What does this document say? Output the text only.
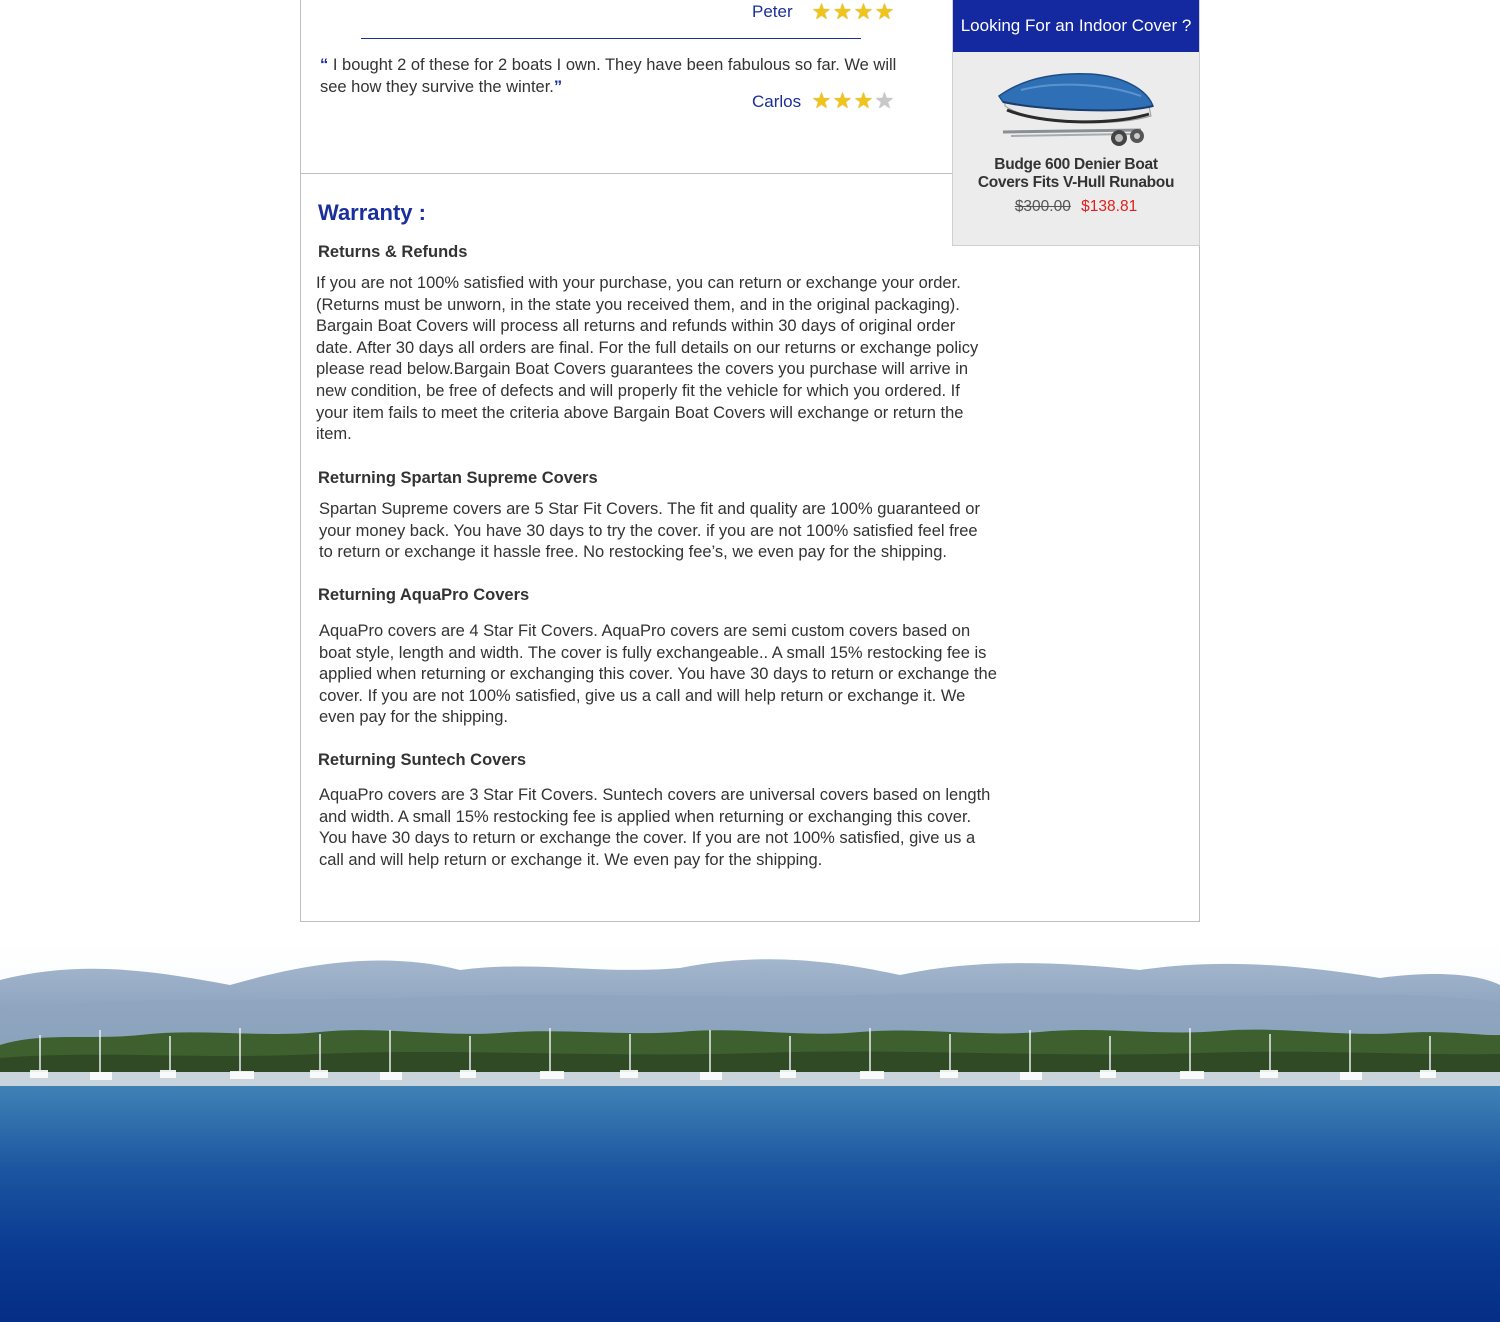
Peter ★ ★ ★ ★
“ I bought 2 of these for 2 boats I own. They have been fabulous so far. We will see how they survive the winter.”
Carlos ★ ★ ★ ★
Warranty :
Returns & Refunds
If you are not 100% satisfied with your purchase, you can return or exchange your order. (Returns must be unworn, in the state you received them, and in the original packaging). Bargain Boat Covers will process all returns and refunds within 30 days of original order date. After 30 days all orders are final. For the full details on our returns or exchange policy please read below.Bargain Boat Covers guarantees the covers you purchase will arrive in new condition, be free of defects and will properly fit the vehicle for which you ordered. If your item fails to meet the criteria above Bargain Boat Covers will exchange or return the item.
Returning Spartan Supreme Covers
Spartan Supreme covers are 5 Star Fit Covers. The fit and quality are 100% guaranteed or your money back. You have 30 days to try the cover. if you are not 100% satisfied feel free to return or exchange it hassle free. No restocking fee’s, we even pay for the shipping.
Returning AquaPro Covers
AquaPro covers are 4 Star Fit Covers. AquaPro covers are semi custom covers based on boat style, length and width. The cover is fully exchangeable.. A small 15% restocking fee is applied when returning or exchanging this cover. You have 30 days to return or exchange the cover. If you are not 100% satisfied, give us a call and will help return or exchange it. We even pay for the shipping.
Returning Suntech Covers
AquaPro covers are 3 Star Fit Covers. Suntech covers are universal covers based on length and width. A small 15% restocking fee is applied when returning or exchanging this cover. You have 30 days to return or exchange the cover. If you are not 100% satisfied, give us a call and will help return or exchange it. We even pay for the shipping.
Looking For an Indoor Cover ?
Budge 600 Denier Boat Covers Fits V-Hull Runabou
$300.00 $138.81
